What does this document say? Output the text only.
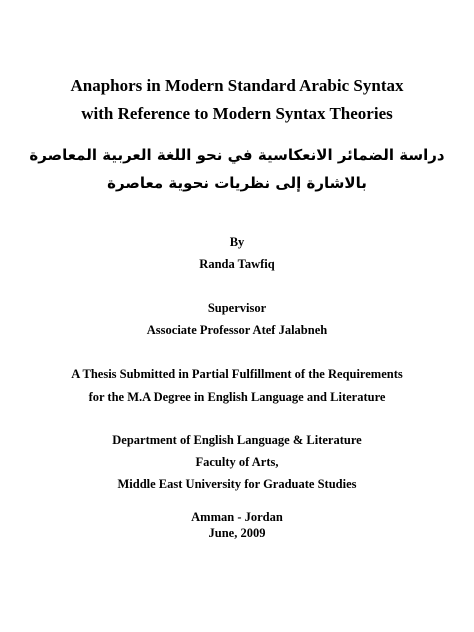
Anaphors in Modern Standard Arabic Syntax
with Reference to Modern Syntax Theories
دراسة الضمائر الانعكاسية في نحو اللغة العربية المعاصرة
بالاشارة إلى نظريات نحوية معاصرة
By
Randa Tawfiq
Supervisor
Associate Professor Atef Jalabneh
A Thesis Submitted in Partial Fulfillment of the Requirements
for the M.A Degree in English Language and Literature
Department of English Language & Literature
Faculty of Arts,
Middle East University for Graduate Studies
Amman - Jordan
June, 2009
